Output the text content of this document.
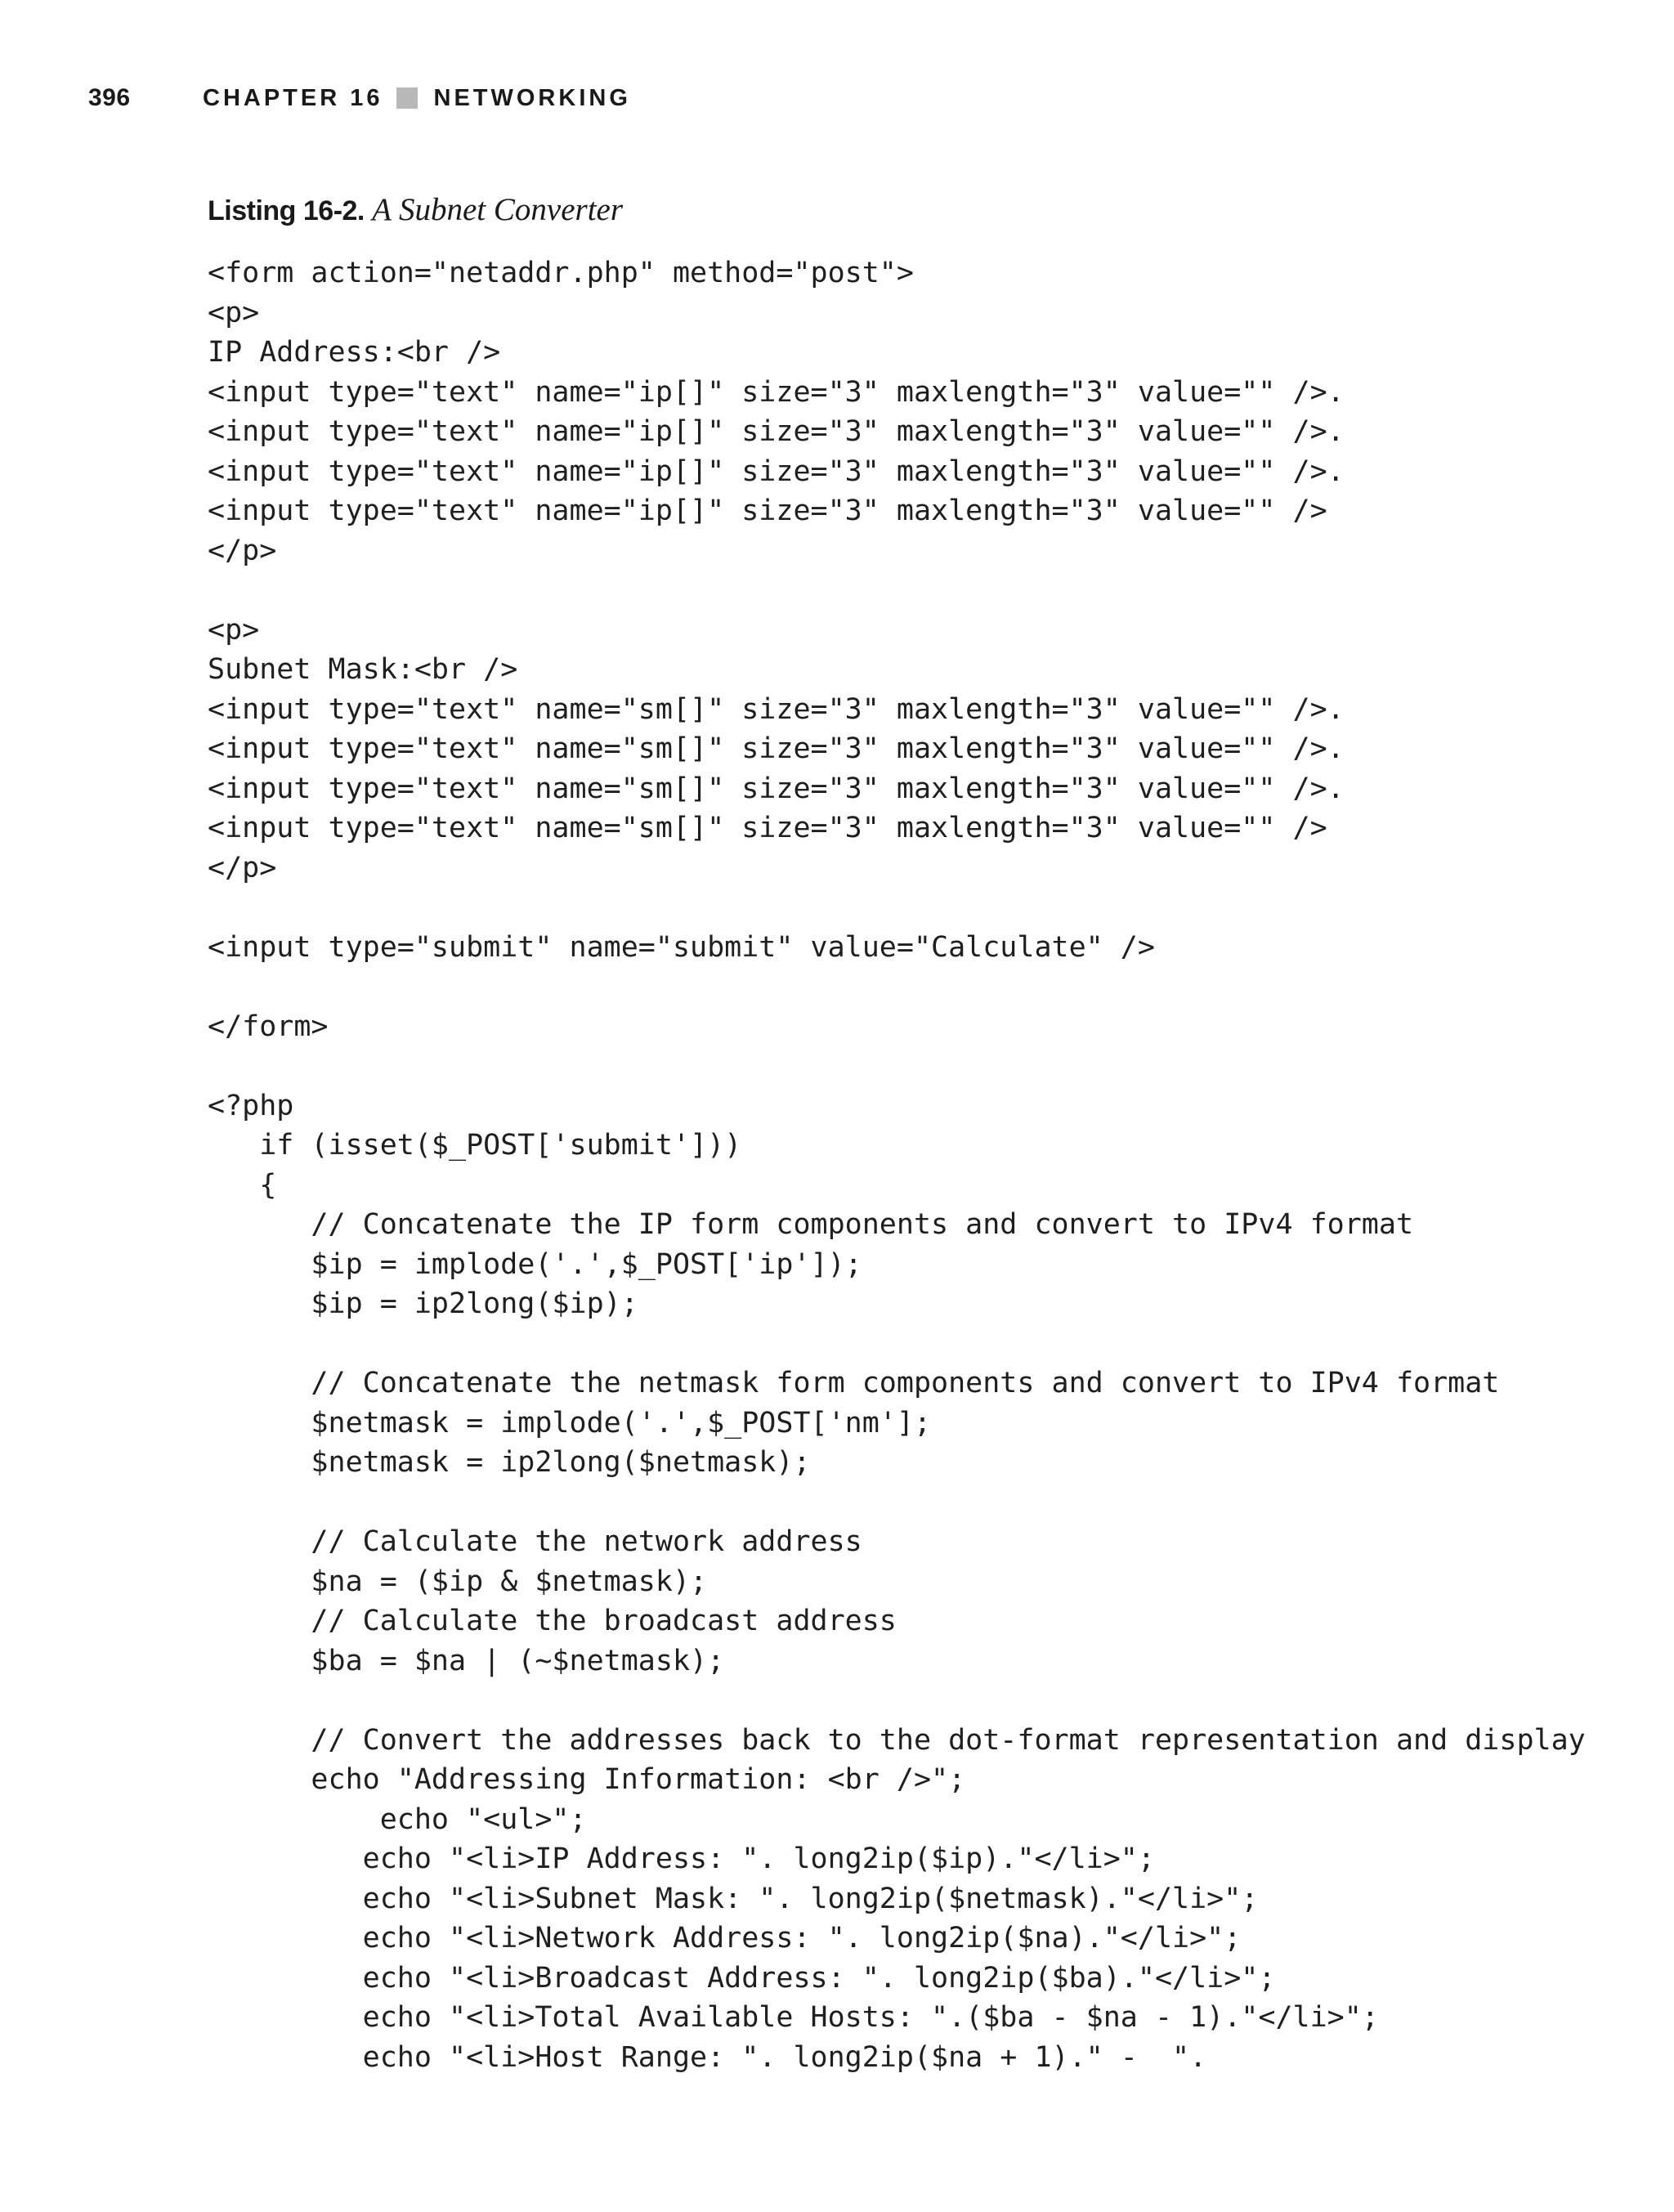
396	CHAPTER 16 NETWORKING
Listing 16-2. A Subnet Converter
<form action="netaddr.php" method="post">
<p>
IP Address:<br />
<input type="text" name="ip[]" size="3" maxlength="3" value="" />.
<input type="text" name="ip[]" size="3" maxlength="3" value="" />.
<input type="text" name="ip[]" size="3" maxlength="3" value="" />.
<input type="text" name="ip[]" size="3" maxlength="3" value="" />
</p>
<p>
Subnet Mask:<br />
<input type="text" name="sm[]" size="3" maxlength="3" value="" />.
<input type="text" name="sm[]" size="3" maxlength="3" value="" />.
<input type="text" name="sm[]" size="3" maxlength="3" value="" />.
<input type="text" name="sm[]" size="3" maxlength="3" value="" />
</p>
<input type="submit" name="submit" value="Calculate" />
</form>
<?php
if (isset($_POST['submit']))
{
// Concatenate the IP form components and convert to IPv4 format
$ip = implode('.',$_POST['ip']);
$ip = ip2long($ip);
// Concatenate the netmask form components and convert to IPv4 format
$netmask = implode('.',$_POST['nm'];
$netmask = ip2long($netmask);
// Calculate the network address
$na = ($ip & $netmask);
// Calculate the broadcast address
$ba = $na | (~$netmask);
// Convert the addresses back to the dot-format representation and display
echo "Addressing Information: <br />";
echo "<ul>";
echo "<li>IP Address: ". long2ip($ip)."</li>";
echo "<li>Subnet Mask: ". long2ip($netmask)."</li>";
echo "<li>Network Address: ". long2ip($na)."</li>";
echo "<li>Broadcast Address: ". long2ip($ba)."</li>";
echo "<li>Total Available Hosts: ".($ba - $na - 1)."</li>";
echo "<li>Host Range: ". long2ip($na + 1)." -  ".
